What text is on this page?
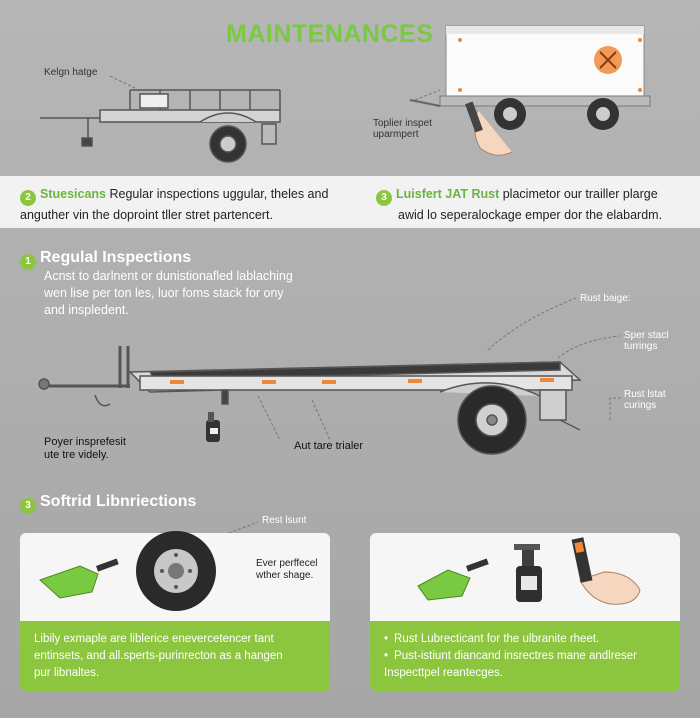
MAINTENANCES
Kelgn hatge
Toplier inspet
uparmpert
2 Stuesicans Regular inspections uggular, theles and
anguther vin the doproint tller stret partencert.
3 Luisfert JAT Rust placimetor our trailler plarge
awid lo seperalockage emper dor the elabardm.
1 Regulal Inspections
Acnst to darlnent or dunistionafled lablaching
wen lise per ton les, luor foms stack for ony
and inspledent.
Rust baige:
Sper stacl
turrings
Rust lstat
curings
Poyer insprefesit
ute tre videly.
Aut tare trialer
3 Softrid Libnriections
Rest lsunt
Ever perffecel
wther shage.
Libily exmaple are liblerice enevercetencer tant
entinsets, and all.sperts-purinrecton as a hangen
pur libnaltes.
• Rust Lubrecticant for the ulbranite rheet.
• Pust-istiunt diancand insrectres mane andlreser Inspecttpel reantecges.
